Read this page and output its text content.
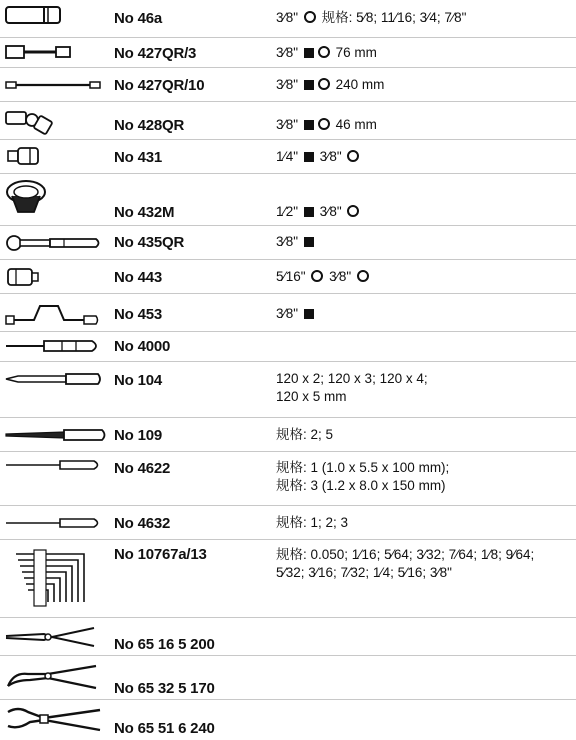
No 46a	3⁄8"  规格: 5⁄8; 11⁄16; 3⁄4; 7⁄8"
No 427QR/3	3⁄8"  76 mm
No 427QR/10	3⁄8"  240 mm
No 428QR	3⁄8"  46 mm
No 431	1⁄4"  3⁄8"
No 432M	1⁄2"  3⁄8"
No 435QR	3⁄8"
No 443	5⁄16"  3⁄8"
No 453	3⁄8"
No 4000
No 104	120 x 2; 120 x 3; 120 x 4;
120 x 5 mm
No 109	规格: 2; 5
No 4622	规格: 1 (1.0 x 5.5 x 100 mm);
规格: 3 (1.2 x 8.0 x 150 mm)
No 4632	规格: 1; 2; 3
No 10767a/13	规格: 0.050; 1⁄16; 5⁄64; 3⁄32; 7⁄64; 1⁄8; 9⁄64;
5⁄32; 3⁄16; 7⁄32; 1⁄4; 5⁄16; 3⁄8"
No 65 16 5 200
No 65 32 5 170
No 65 51 6 240
